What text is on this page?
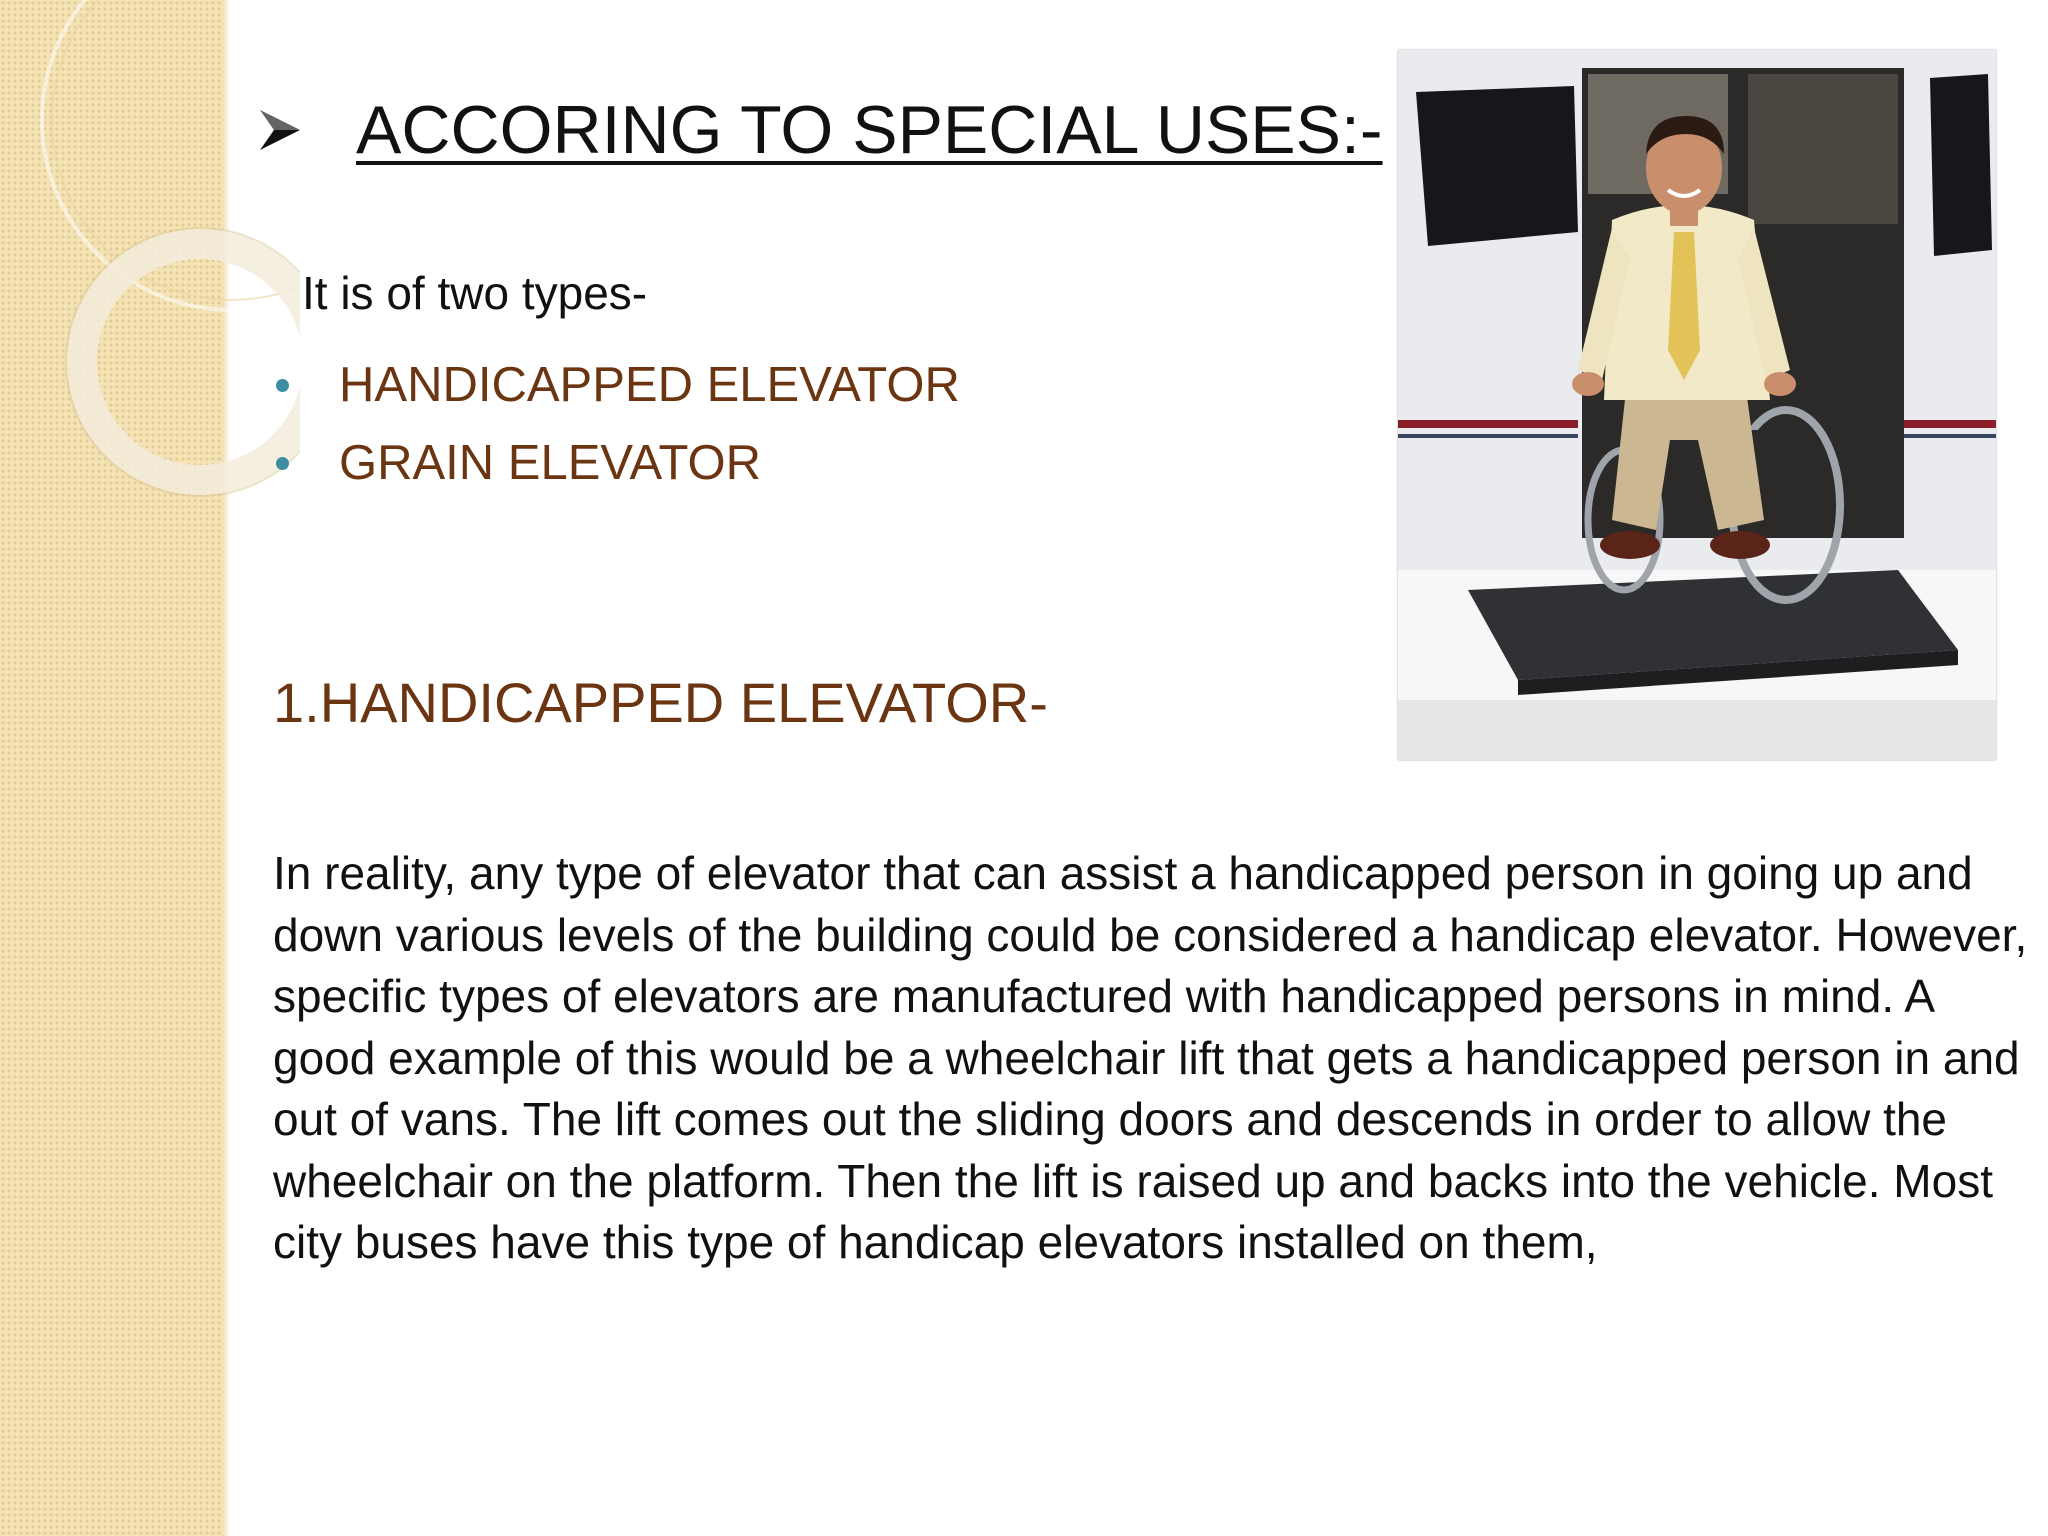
ACCORING TO SPECIAL USES:-
It is of two types-
HANDICAPPED ELEVATOR
GRAIN ELEVATOR
1.HANDICAPPED ELEVATOR-

In reality, any type of elevator that can assist a handicapped person in going up and down various levels of the building could be considered a handicap elevator. However, specific types of elevators are manufactured with handicapped persons in mind. A good example of this would be a wheelchair lift that gets a handicapped person in and out of vans. The lift comes out the sliding doors and descends in order to allow the wheelchair on the platform. Then the lift is raised up and backs into the vehicle. Most city buses have this type of handicap elevators installed on them,
